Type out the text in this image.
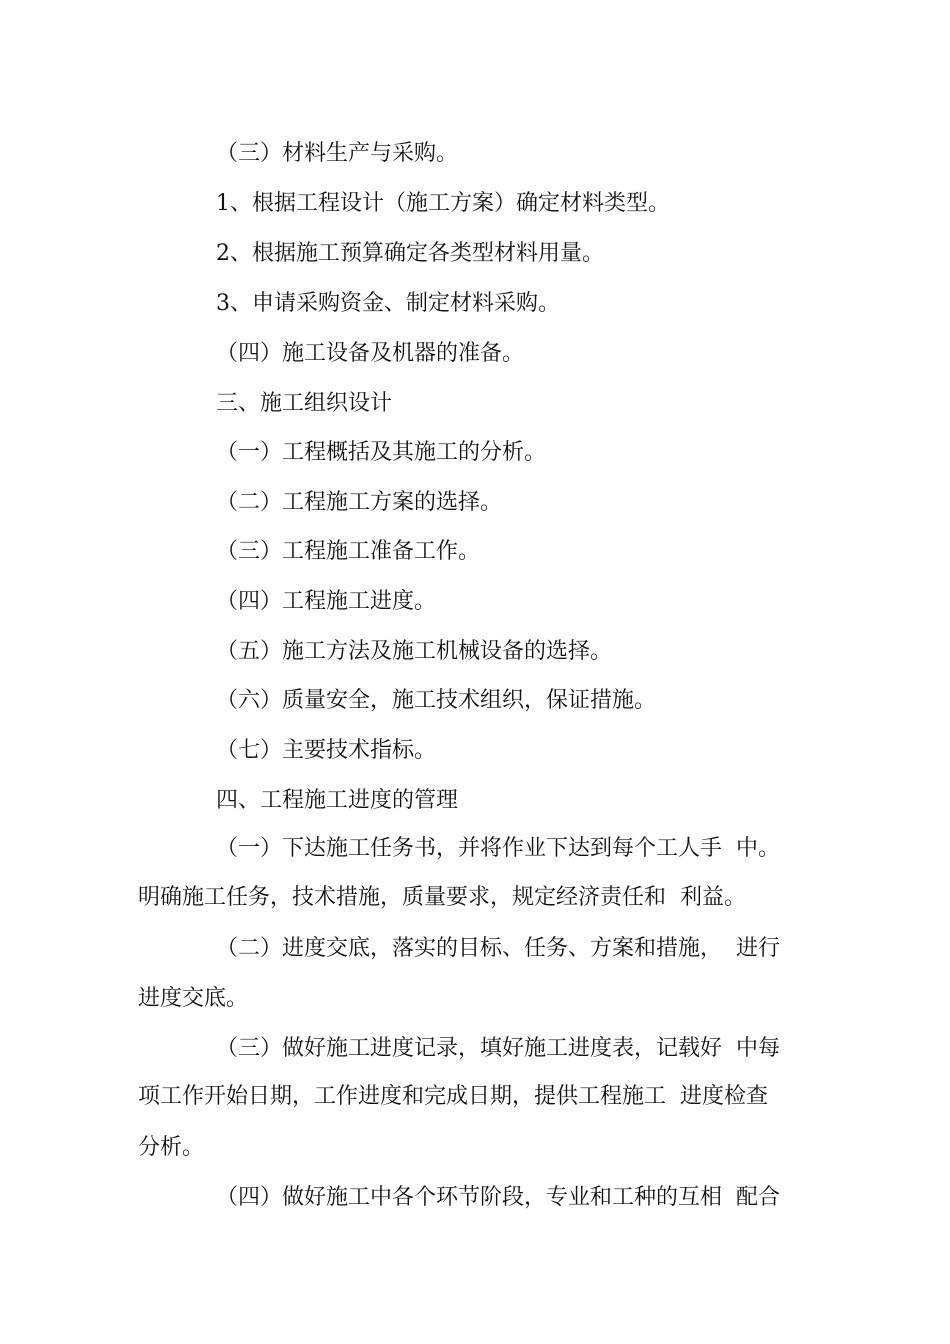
（三）材料生产与采购。
1、根据工程设计（施工方案）确定材料类型。
2、根据施工预算确定各类型材料用量。
3、申请采购资金、制定材料采购。
（四）施工设备及机器的准备。
三、施工组织设计
（一）工程概括及其施工的分析。
（二）工程施工方案的选择。
（三）工程施工准备工作。
（四）工程施工进度。
（五）施工方法及施工机械设备的选择。
（六）质量安全，施工技术组织，保证措施。
（七）主要技术指标。
四、工程施工进度的管理
（一）下达施工任务书，并将作业下达到每个工人手  中。
明确施工任务，技术措施，质量要求，规定经济责任和  利益。
（二）进度交底，落实的目标、任务、方案和措施，  进行
进度交底。
（三）做好施工进度记录，填好施工进度表，记载好  中每
项工作开始日期，工作进度和完成日期，提供工程施工  进度检查
分析。
（四）做好施工中各个环节阶段，专业和工种的互相  配合
